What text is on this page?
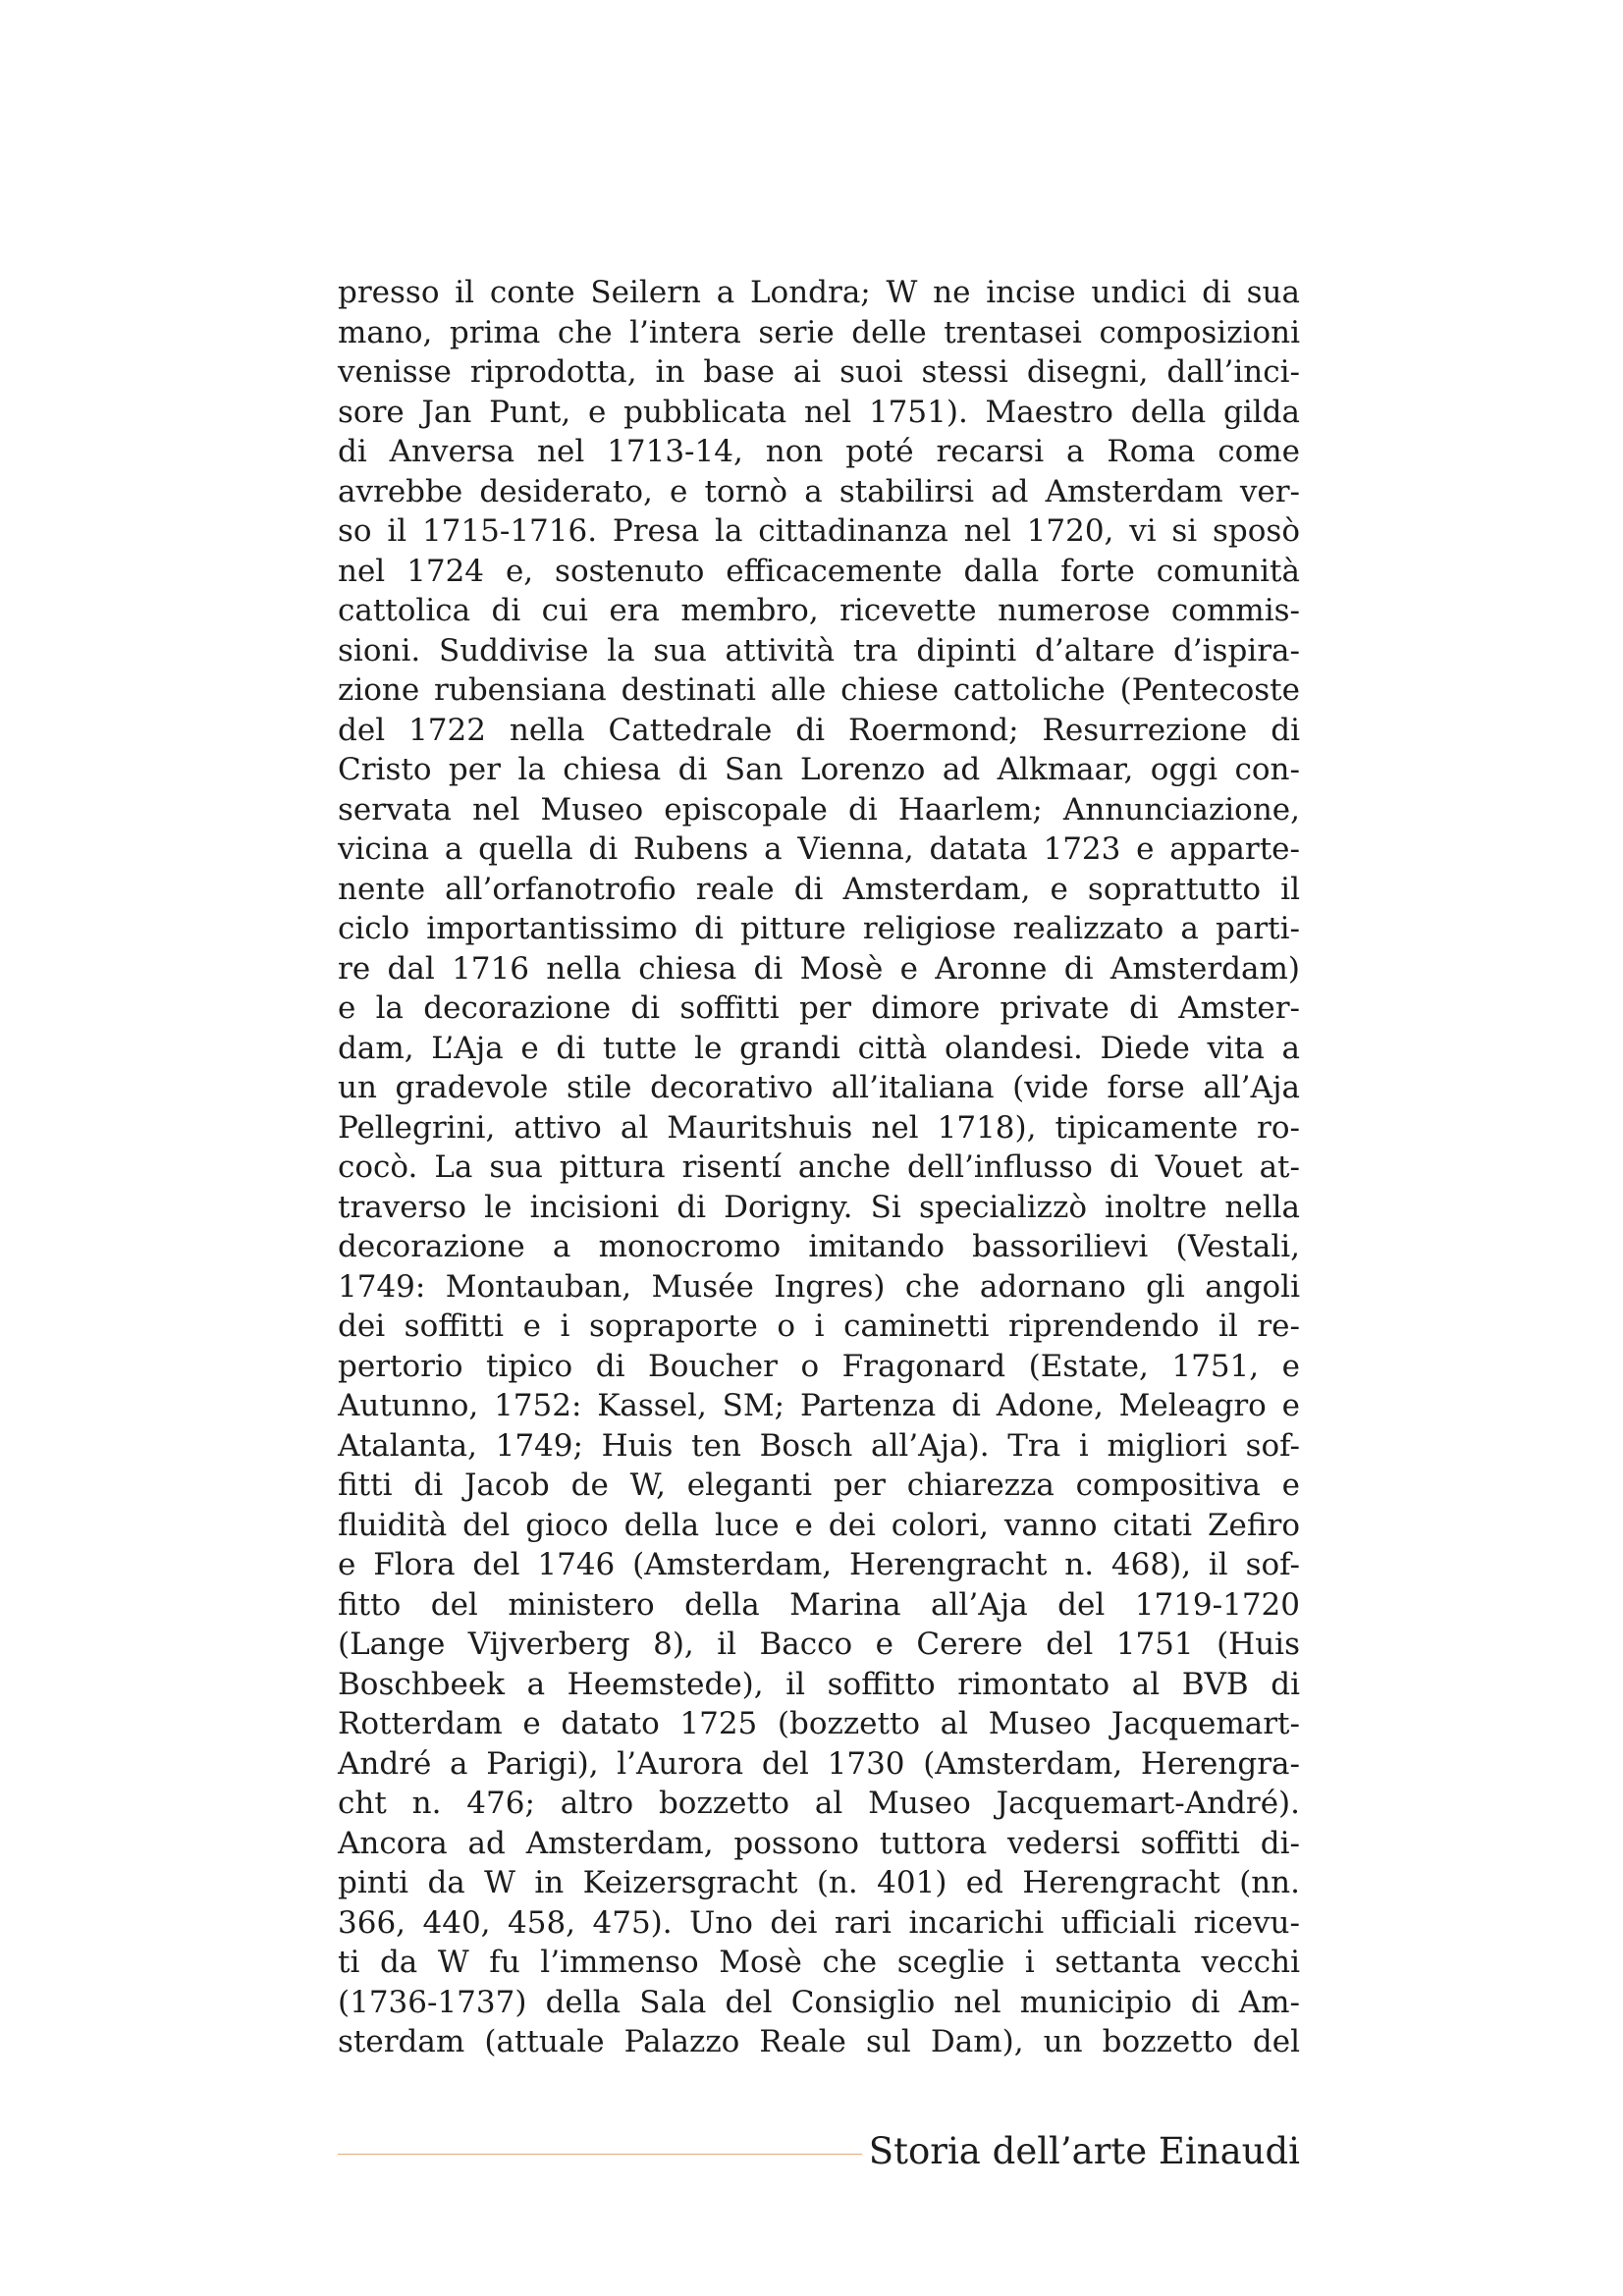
presso il conte Seilern a Londra; W ne incise undici di sua
mano, prima che l’intera serie delle trentasei composizioni
venisse riprodotta, in base ai suoi stessi disegni, dall’inci-
sore Jan Punt, e pubblicata nel 1751). Maestro della gilda
di Anversa nel 1713-14, non poté recarsi a Roma come
avrebbe desiderato, e tornò a stabilirsi ad Amsterdam ver-
so il 1715-1716. Presa la cittadinanza nel 1720, vi si sposò
nel 1724 e, sostenuto efficacemente dalla forte comunità
cattolica di cui era membro, ricevette numerose commis-
sioni. Suddivise la sua attività tra dipinti d’altare d’ispira-
zione rubensiana destinati alle chiese cattoliche (Pentecoste
del 1722 nella Cattedrale di Roermond; Resurrezione di
Cristo per la chiesa di San Lorenzo ad Alkmaar, oggi con-
servata nel Museo episcopale di Haarlem; Annunciazione,
vicina a quella di Rubens a Vienna, datata 1723 e apparte-
nente all’orfanotrofio reale di Amsterdam, e soprattutto il
ciclo importantissimo di pitture religiose realizzato a parti-
re dal 1716 nella chiesa di Mosè e Aronne di Amsterdam)
e la decorazione di soffitti per dimore private di Amster-
dam, L’Aja e di tutte le grandi città olandesi. Diede vita a
un gradevole stile decorativo all’italiana (vide forse all’Aja
Pellegrini, attivo al Mauritshuis nel 1718), tipicamente ro-
cocò. La sua pittura risentí anche dell’influsso di Vouet at-
traverso le incisioni di Dorigny. Si specializzò inoltre nella
decorazione a monocromo imitando bassorilievi (Vestali,
1749: Montauban, Musée Ingres) che adornano gli angoli
dei soffitti e i sopraporte o i caminetti riprendendo il re-
pertorio tipico di Boucher o Fragonard (Estate, 1751, e
Autunno, 1752: Kassel, SM; Partenza di Adone, Meleagro e
Atalanta, 1749; Huis ten Bosch all’Aja). Tra i migliori sof-
fitti di Jacob de W, eleganti per chiarezza compositiva e
fluidità del gioco della luce e dei colori, vanno citati Zefiro
e Flora del 1746 (Amsterdam, Herengracht n. 468), il sof-
fitto del ministero della Marina all’Aja del 1719-1720
(Lange Vijverberg 8), il Bacco e Cerere del 1751 (Huis
Boschbeek a Heemstede), il soffitto rimontato al BVB di
Rotterdam e datato 1725 (bozzetto al Museo Jacquemart-
André a Parigi), l’Aurora del 1730 (Amsterdam, Herengra-
cht n. 476; altro bozzetto al Museo Jacquemart-André).
Ancora ad Amsterdam, possono tuttora vedersi soffitti di-
pinti da W in Keizersgracht (n. 401) ed Herengracht (nn.
366, 440, 458, 475). Uno dei rari incarichi ufficiali ricevu-
ti da W fu l’immenso Mosè che sceglie i settanta vecchi
(1736-1737) della Sala del Consiglio nel municipio di Am-
sterdam (attuale Palazzo Reale sul Dam), un bozzetto del
Storia dell’arte Einaudi
